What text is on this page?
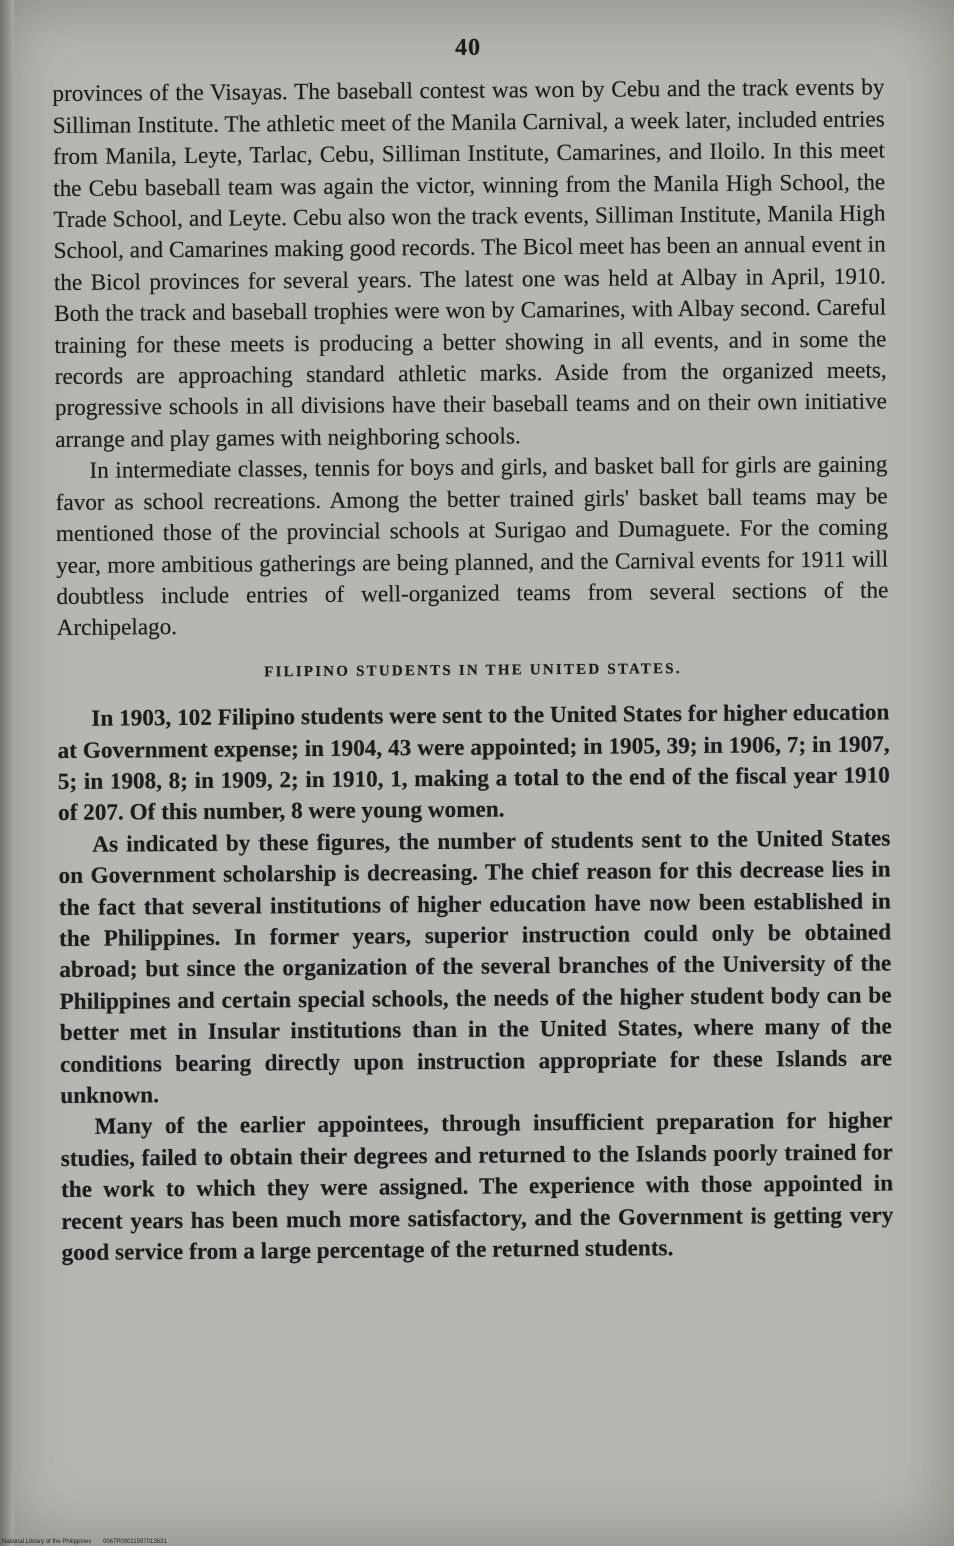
40

provinces of the Visayas. The baseball contest was won by Cebu and the track events by Silliman Institute. The athletic meet of the Manila Carnival, a week later, included entries from Manila, Leyte, Tarlac, Cebu, Silliman Institute, Camarines, and Iloilo. In this meet the Cebu baseball team was again the victor, winning from the Manila High School, the Trade School, and Leyte. Cebu also won the track events, Silliman Institute, Manila High School, and Camarines making good records. The Bicol meet has been an annual event in the Bicol provinces for several years. The latest one was held at Albay in April, 1910. Both the track and baseball trophies were won by Camarines, with Albay second. Careful training for these meets is producing a better showing in all events, and in some the records are approaching standard athletic marks. Aside from the organized meets, progressive schools in all divisions have their baseball teams and on their own initiative arrange and play games with neighboring schools.

In intermediate classes, tennis for boys and girls, and basket ball for girls are gaining favor as school recreations. Among the better trained girls' basket ball teams may be mentioned those of the provincial schools at Surigao and Dumaguete. For the coming year, more ambitious gatherings are being planned, and the Carnival events for 1911 will doubtless include entries of well-organized teams from several sections of the Archipelago.

FILIPINO STUDENTS IN THE UNITED STATES.

In 1903, 102 Filipino students were sent to the United States for higher education at Government expense; in 1904, 43 were appointed; in 1905, 39; in 1906, 7; in 1907, 5; in 1908, 8; in 1909, 2; in 1910, 1, making a total to the end of the fiscal year 1910 of 207. Of this number, 8 were young women.

As indicated by these figures, the number of students sent to the United States on Government scholarship is decreasing. The chief reason for this decrease lies in the fact that several institutions of higher education have now been established in the Philippines. In former years, superior instruction could only be obtained abroad; but since the organization of the several branches of the University of the Philippines and certain special schools, the needs of the higher student body can be better met in Insular institutions than in the United States, where many of the conditions bearing directly upon instruction appropriate for these Islands are unknown.

Many of the earlier appointees, through insufficient preparation for higher studies, failed to obtain their degrees and returned to the Islands poorly trained for the work to which they were assigned. The experience with those appointed in recent years has been much more satisfactory, and the Government is getting very good service from a large percentage of the returned students.

National Library of the Philippines 0067P00011597013631
